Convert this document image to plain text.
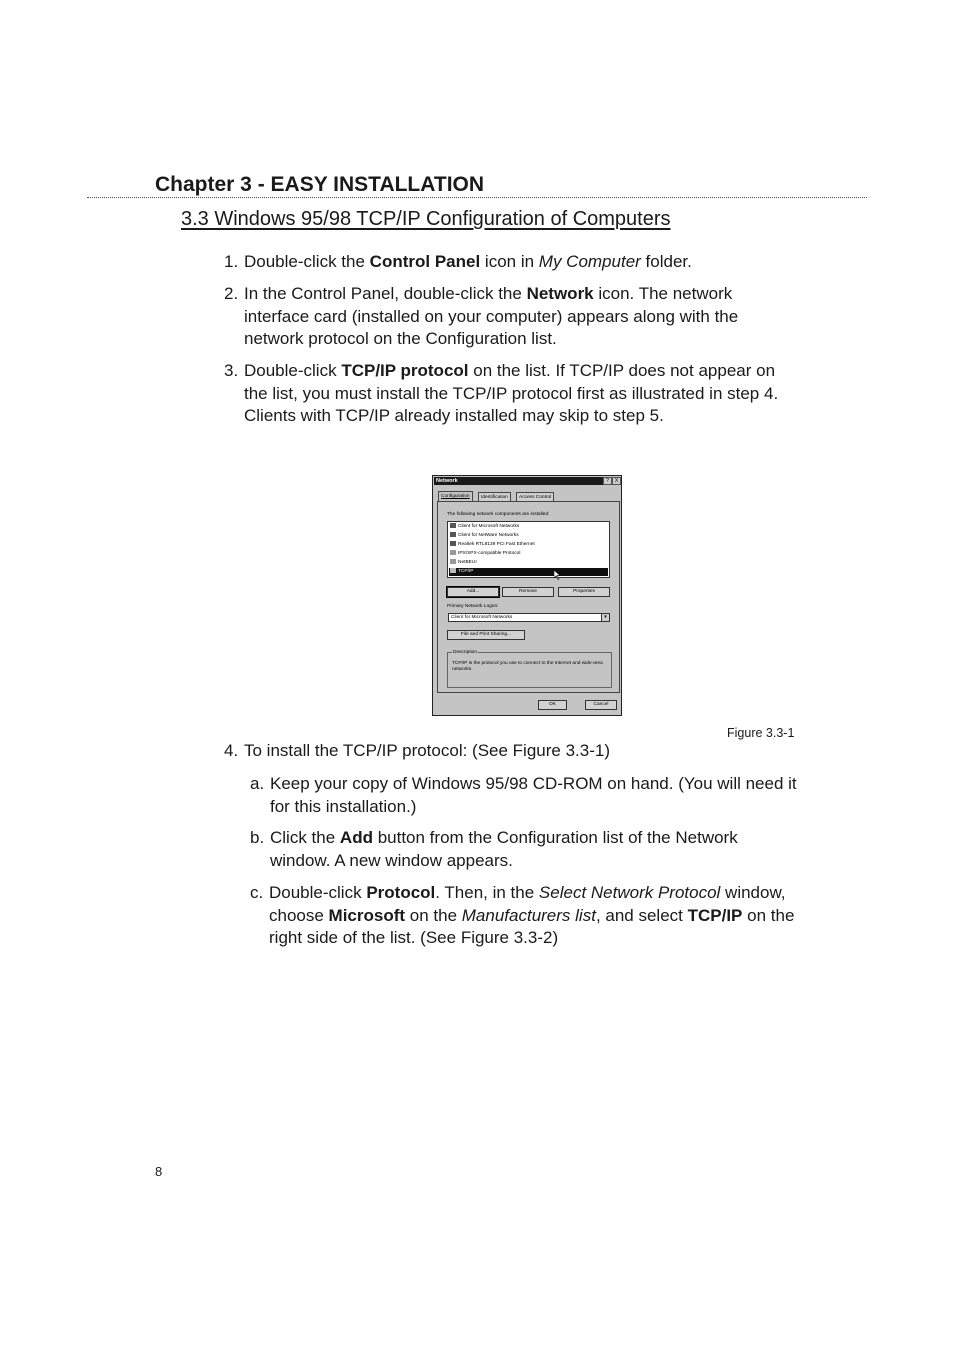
Chapter 3 - EASY INSTALLATION
3.3 Windows 95/98 TCP/IP Configuration of Computers
1. Double-click the Control Panel icon in My Computer folder.
2. In the Control Panel, double-click the Network icon. The network interface card (installed on your computer) appears along with the network protocol on the Configuration list.
3. Double-click TCP/IP protocol on the list. If TCP/IP does not appear on the list, you must install the TCP/IP protocol first as illustrated in step 4. Clients with TCP/IP already installed may skip to step 5.
Network	?	X
Configuration	Identification	Access Control
The following network components are installed:
Client for Microsoft Networks
Client for NetWare Networks
Realtek RTL8139 PCI Fast Ethernet
IPX/SPX-compatible Protocol
NetBEUI
TCP/IP
Add...	Remove	Properties
Primary Network Logon:
Client for Microsoft Networks	▾
File and Print Sharing...
Description
TCP/IP is the protocol you use to connect to the Internet and wide-area networks.
OK	Cancel
Figure 3.3-1
4. To install the TCP/IP protocol: (See Figure 3.3-1)
a. Keep your copy of Windows 95/98 CD-ROM on hand. (You will need it for this installation.)
b. Click the Add button from the Configuration list of the Network window. A new window appears.
c. Double-click Protocol. Then, in the Select Network Protocol window, choose Microsoft on the Manufacturers list, and select TCP/IP on the right side of the list. (See Figure 3.3-2)
8
